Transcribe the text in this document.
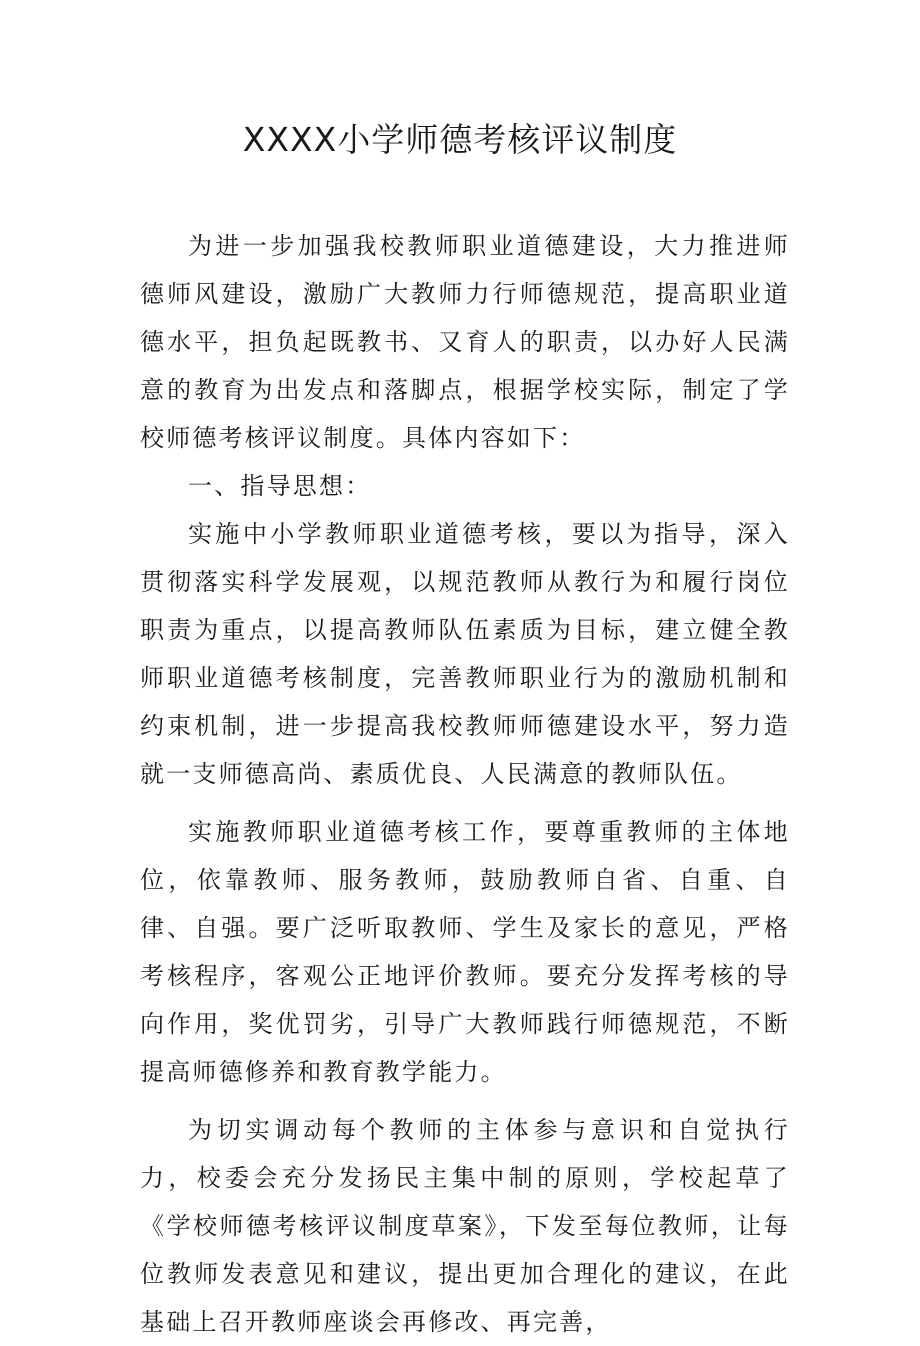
XXXX小学师德考核评议制度

为进一步加强我校教师职业道德建设，大力推进师德师风建设，激励广大教师力行师德规范，提高职业道德水平，担负起既教书、又育人的职责，以办好人民满意的教育为出发点和落脚点，根据学校实际，制定了学校师德考核评议制度。具体内容如下：

一、指导思想：

实施中小学教师职业道德考核，要以为指导，深入贯彻落实科学发展观，以规范教师从教行为和履行岗位职责为重点，以提高教师队伍素质为目标，建立健全教师职业道德考核制度，完善教师职业行为的激励机制和约束机制，进一步提高我校教师师德建设水平，努力造就一支师德高尚、素质优良、人民满意的教师队伍。

实施教师职业道德考核工作，要尊重教师的主体地位，依靠教师、服务教师，鼓励教师自省、自重、自律、自强。要广泛听取教师、学生及家长的意见，严格考核程序，客观公正地评价教师。要充分发挥考核的导向作用，奖优罚劣，引导广大教师践行师德规范，不断提高师德修养和教育教学能力。

为切实调动每个教师的主体参与意识和自觉执行力，校委会充分发扬民主集中制的原则，学校起草了《学校师德考核评议制度草案》，下发至每位教师，让每位教师发表意见和建议，提出更加合理化的建议，在此基础上召开教师座谈会再修改、再完善，
